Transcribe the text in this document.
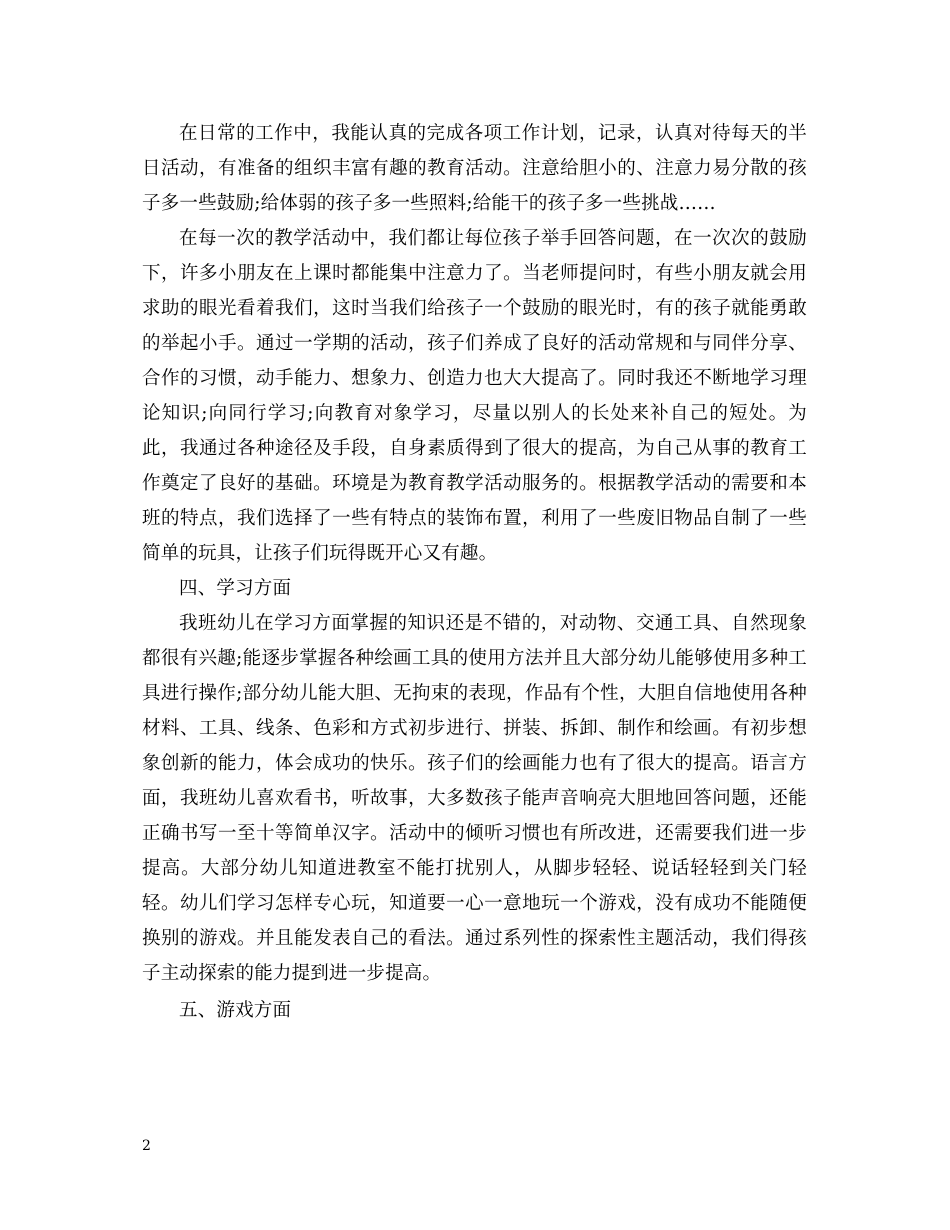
在日常的工作中，我能认真的完成各项工作计划，记录，认真对待每天的半日活动，有准备的组织丰富有趣的教育活动。注意给胆小的、注意力易分散的孩子多一些鼓励;给体弱的孩子多一些照料;给能干的孩子多一些挑战……

在每一次的教学活动中，我们都让每位孩子举手回答问题，在一次次的鼓励下，许多小朋友在上课时都能集中注意力了。当老师提问时，有些小朋友就会用求助的眼光看着我们，这时当我们给孩子一个鼓励的眼光时，有的孩子就能勇敢的举起小手。通过一学期的活动，孩子们养成了良好的活动常规和与同伴分享、合作的习惯，动手能力、想象力、创造力也大大提高了。同时我还不断地学习理论知识;向同行学习;向教育对象学习，尽量以别人的长处来补自己的短处。为此，我通过各种途径及手段，自身素质得到了很大的提高，为自己从事的教育工作奠定了良好的基础。环境是为教育教学活动服务的。根据教学活动的需要和本班的特点，我们选择了一些有特点的装饰布置，利用了一些废旧物品自制了一些简单的玩具，让孩子们玩得既开心又有趣。

四、学习方面

我班幼儿在学习方面掌握的知识还是不错的，对动物、交通工具、自然现象都很有兴趣;能逐步掌握各种绘画工具的使用方法并且大部分幼儿能够使用多种工具进行操作;部分幼儿能大胆、无拘束的表现，作品有个性，大胆自信地使用各种材料、工具、线条、色彩和方式初步进行、拼装、拆卸、制作和绘画。有初步想象创新的能力，体会成功的快乐。孩子们的绘画能力也有了很大的提高。语言方面，我班幼儿喜欢看书，听故事，大多数孩子能声音响亮大胆地回答问题，还能正确书写一至十等简单汉字。活动中的倾听习惯也有所改进，还需要我们进一步提高。大部分幼儿知道进教室不能打扰别人，从脚步轻轻、说话轻轻到关门轻轻。幼儿们学习怎样专心玩，知道要一心一意地玩一个游戏，没有成功不能随便换别的游戏。并且能发表自己的看法。通过系列性的探索性主题活动，我们得孩子主动探索的能力提到进一步提高。

五、游戏方面

2
